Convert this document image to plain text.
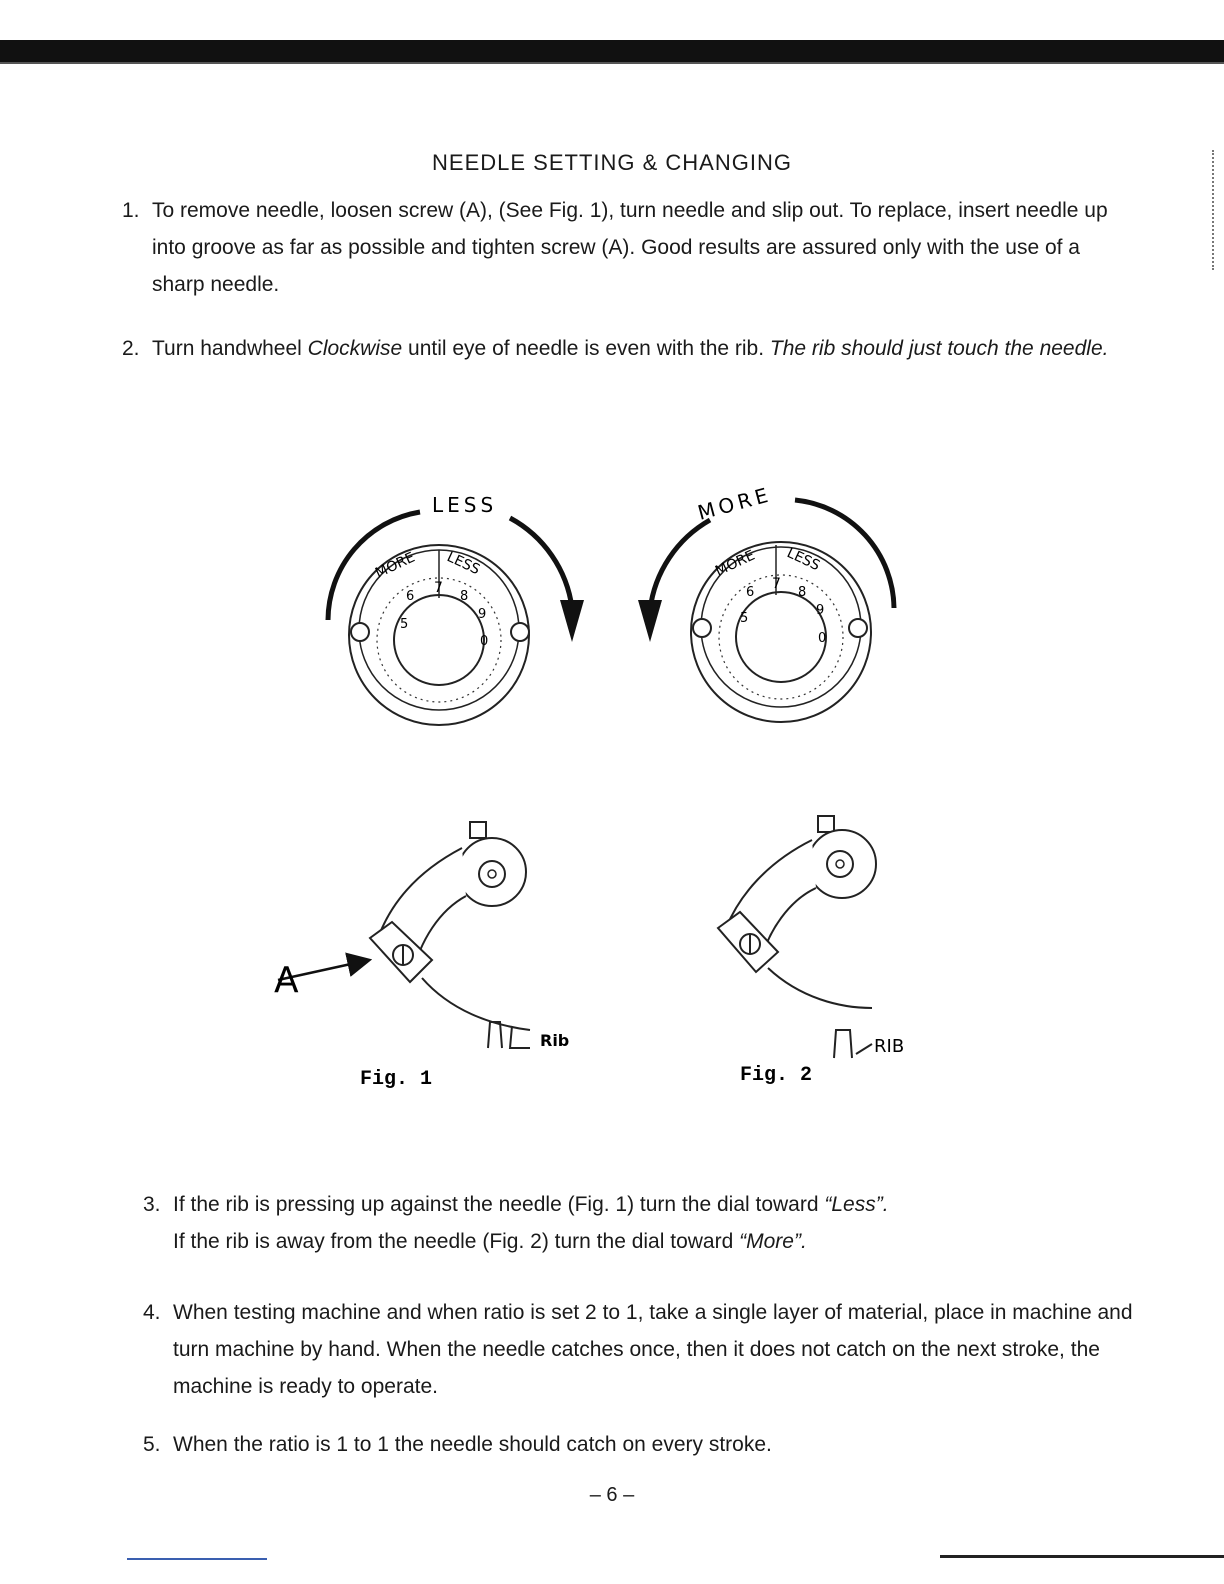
NEEDLE SETTING & CHANGING
1. To remove needle, loosen screw (A), (See Fig. 1), turn needle and slip out. To replace, insert needle up into groove as far as possible and tighten screw (A). Good results are assured only with the use of a sharp needle.
2. Turn handwheel Clockwise until eye of needle is even with the rib. The rib should just touch the needle.
LESS
MORE LESS
5
6
7
8
9
0
MORE
MORE LESS
5
6
7
8
9
0
A
Rib
Fig. 1
RIB
Fig. 2
3. If the rib is pressing up against the needle (Fig. 1) turn the dial toward “Less”.
If the rib is away from the needle (Fig. 2) turn the dial toward “More”.
4. When testing machine and when ratio is set 2 to 1, take a single layer of material, place in machine and turn machine by hand. When the needle catches once, then it does not catch on the next stroke, the machine is ready to operate.
5. When the ratio is 1 to 1 the needle should catch on every stroke.
– 6 –
